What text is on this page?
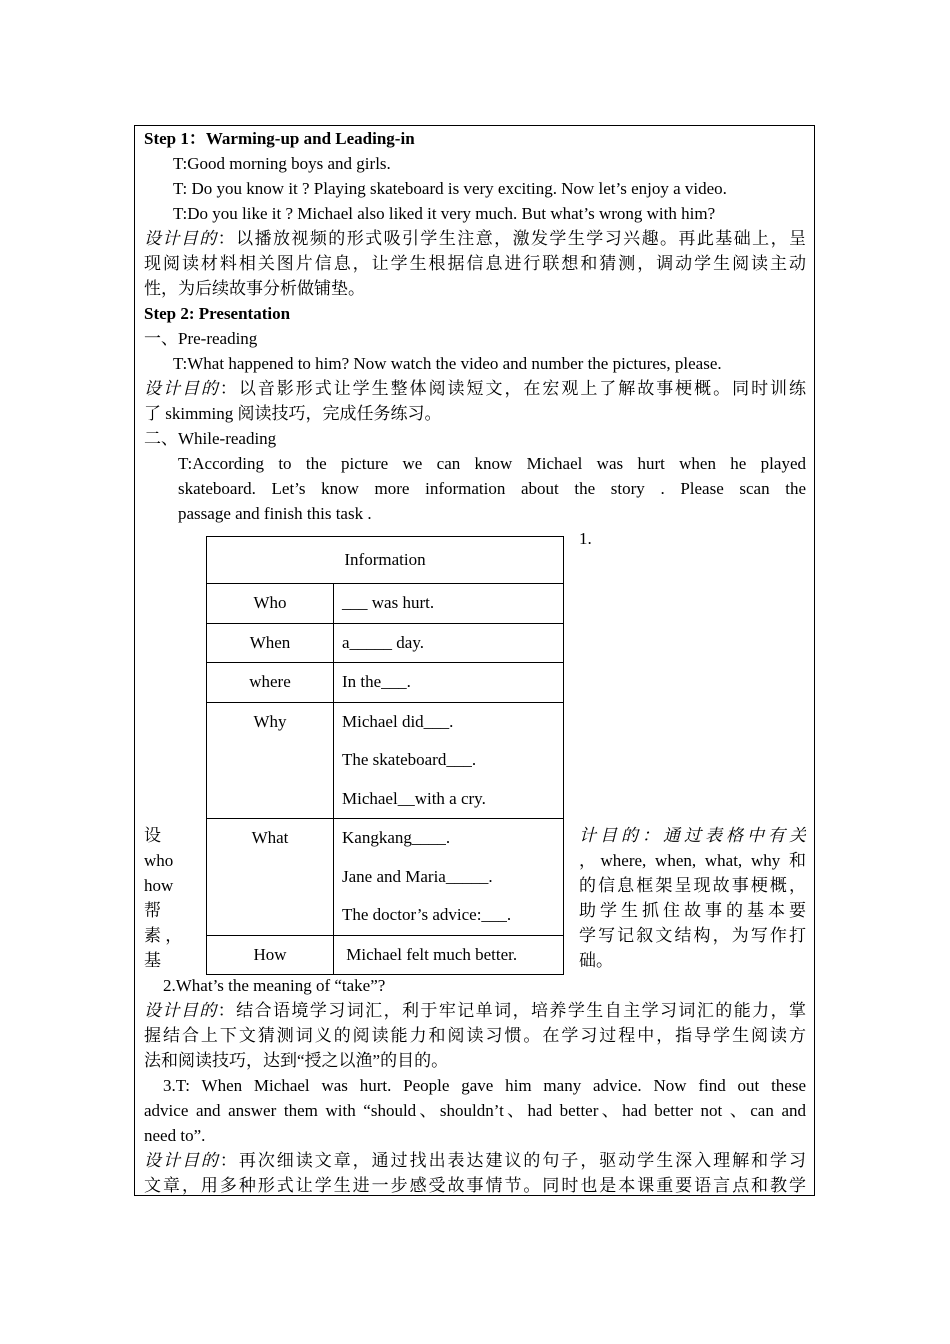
Step 1：Warming-up and Leading-in
T:Good morning boys and girls.
T: Do you know it ? Playing skateboard is very exciting. Now let’s enjoy a video.
T:Do you like it ? Michael also liked it very much. But what’s wrong with him?
设计目的：以播放视频的形式吸引学生注意，激发学生学习兴趣。再此基础上，呈
现阅读材料相关图片信息，让学生根据信息进行联想和猜测，调动学生阅读主动
性，为后续故事分析做铺垫。
Step 2: Presentation
一、Pre-reading
T:What happened to him? Now watch the video and number the pictures, please.
设计目的：以音影形式让学生整体阅读短文，在宏观上了解故事梗概。同时训练
了 skimming 阅读技巧，完成任务练习。
二、While-reading
T:According to the picture we can know Michael was hurt when he played
skateboard. Let’s know more information about the story . Please scan the
passage and finish this task .
1.
Information	

Who	___ was hurt.

When	a_____ day.

where	In the___.

Why	Michael did___.
The skateboard___.
Michael__with a cry.

What	Kangkang____.
Jane and Maria_____.
The doctor’s advice:___.

How	Michael felt much better.
设
who
how
帮
素 ，
基
计目的：通过表格中有关
，where, when, what, why 和
的信息框架呈现故事梗概，
助学生抓住故事的基本要
学写记叙文结构，为写作打
础。
2.What’s the meaning of “take”?
设计目的：结合语境学习词汇，利于牢记单词，培养学生自主学习词汇的能力，掌
握结合上下文猜测词义的阅读能力和阅读习惯。在学习过程中，指导学生阅读方
法和阅读技巧，达到“授之以渔”的目的。
3.T: When Michael was hurt. People gave him many advice. Now find out these
advice and answer them with “should、shouldn’t、had better、had better not 、can and
need to”.
设计目的：再次细读文章，通过找出表达建议的句子，驱动学生深入理解和学习
文章，用多种形式让学生进一步感受故事情节。同时也是本课重要语言点和教学
